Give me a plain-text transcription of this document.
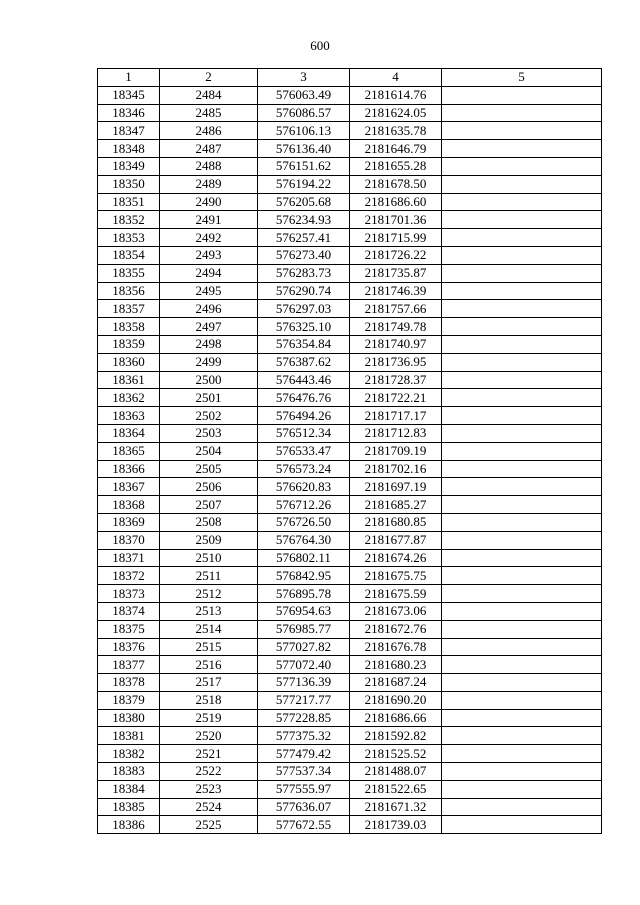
600
1	2	3	4	5
18345	2484	576063.49	2181614.76	
18346	2485	576086.57	2181624.05	
18347	2486	576106.13	2181635.78	
18348	2487	576136.40	2181646.79	
18349	2488	576151.62	2181655.28	
18350	2489	576194.22	2181678.50	
18351	2490	576205.68	2181686.60	
18352	2491	576234.93	2181701.36	
18353	2492	576257.41	2181715.99	
18354	2493	576273.40	2181726.22	
18355	2494	576283.73	2181735.87	
18356	2495	576290.74	2181746.39	
18357	2496	576297.03	2181757.66	
18358	2497	576325.10	2181749.78	
18359	2498	576354.84	2181740.97	
18360	2499	576387.62	2181736.95	
18361	2500	576443.46	2181728.37	
18362	2501	576476.76	2181722.21	
18363	2502	576494.26	2181717.17	
18364	2503	576512.34	2181712.83	
18365	2504	576533.47	2181709.19	
18366	2505	576573.24	2181702.16	
18367	2506	576620.83	2181697.19	
18368	2507	576712.26	2181685.27	
18369	2508	576726.50	2181680.85	
18370	2509	576764.30	2181677.87	
18371	2510	576802.11	2181674.26	
18372	2511	576842.95	2181675.75	
18373	2512	576895.78	2181675.59	
18374	2513	576954.63	2181673.06	
18375	2514	576985.77	2181672.76	
18376	2515	577027.82	2181676.78	
18377	2516	577072.40	2181680.23	
18378	2517	577136.39	2181687.24	
18379	2518	577217.77	2181690.20	
18380	2519	577228.85	2181686.66	
18381	2520	577375.32	2181592.82	
18382	2521	577479.42	2181525.52	
18383	2522	577537.34	2181488.07	
18384	2523	577555.97	2181522.65	
18385	2524	577636.07	2181671.32	
18386	2525	577672.55	2181739.03	
